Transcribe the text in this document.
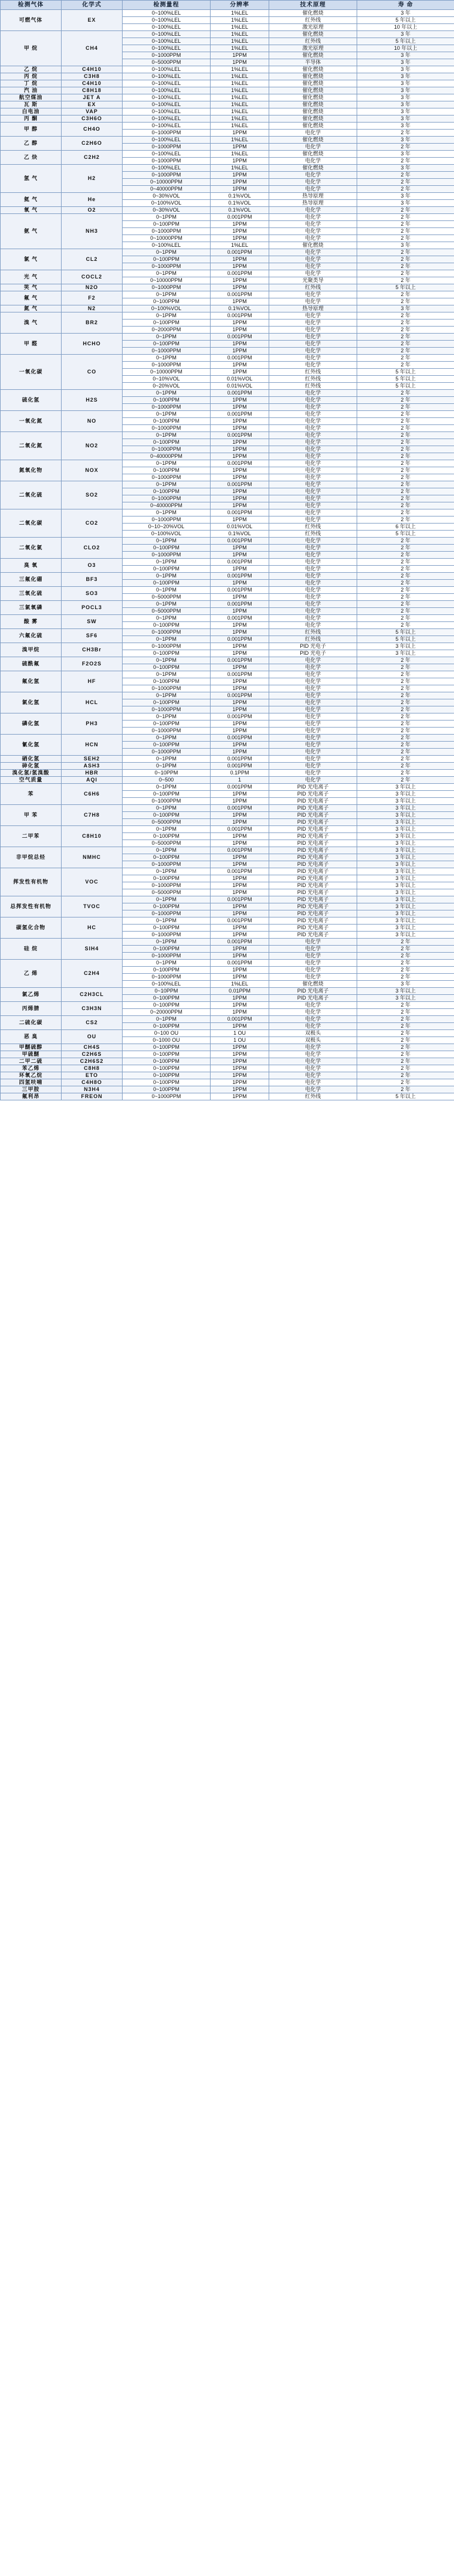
检测气体	化学式	检测量程	分辨率	技术原理	寿 命
可燃气体	EX	0~100%LEL	1%LEL	催化燃烧	3 年
		0~100%LEL	1%LEL	红外线	5 年以上
		0~100%LEL	1%LEL	激光原理	10 年以上
甲 烷	CH4	0~100%LEL	1%LEL	催化燃烧	3 年
		0~100%LEL	1%LEL	红外线	5 年以上
		0~100%LEL	1%LEL	激光原理	10 年以上
		0~1000PPM	1PPM	催化燃烧	3 年
		0~5000PPM	1PPM	半导体	3 年
乙 烷	C4H10	0~100%LEL	1%LEL	催化燃烧	3 年
丙 烷	C3H8	0~100%LEL	1%LEL	催化燃烧	3 年
丁 烷	C4H10	0~100%LEL	1%LEL	催化燃烧	3 年
汽 油	C8H18	0~100%LEL	1%LEL	催化燃烧	3 年
航空煤油	JET A	0~100%LEL	1%LEL	催化燃烧	3 年
瓦 斯	EX	0~100%LEL	1%LEL	催化燃烧	3 年
白电油	VAP	0~100%LEL	1%LEL	催化燃烧	3 年
丙 酮	C3H6O	0~100%LEL	1%LEL	催化燃烧	3 年
甲 醇	CH4O	0~100%LEL	1%LEL	催化燃烧	3 年
		0~1000PPM	1PPM	电化学	2 年
乙 醇	C2H6O	0~100%LEL	1%LEL	催化燃烧	3 年
		0~1000PPM	1PPM	电化学	2 年
乙 炔	C2H2	0~100%LEL	1%LEL	催化燃烧	3 年
		0~1000PPM	1PPM	电化学	2 年
氢 气	H2	0~100%LEL	1%LEL	催化燃烧	3 年
		0~1000PPM	1PPM	电化学	2 年
		0~10000PPM	1PPM	电化学	2 年
		0~40000PPM	1PPM	电化学	2 年
氦 气	He	0~30%VOL	0.1%VOL	热导原理	3 年
		0~100%VOL	0.1%VOL	热导原理	3 年
氧 气	O2	0~30%VOL	0.1%VOL	电化学	2 年
氨 气	NH3	0~1PPM	0.001PPM	电化学	2 年
		0~100PPM	1PPM	电化学	2 年
		0~1000PPM	1PPM	电化学	2 年
		0~10000PPM	1PPM	电化学	2 年
		0~100%LEL	1%LEL	催化燃烧	3 年
氯 气	CL2	0~1PPM	0.001PPM	电化学	2 年
		0~100PPM	1PPM	电化学	2 年
		0~1000PPM	1PPM	电化学	2 年
光 气	COCL2	0~1PPM	0.001PPM	电化学	2 年
		0~10000PPM	1PPM	光聚类导	2 年
笑 气	N2O	0~1000PPM	1PPM	红外线	5 年以上
氟 气	F2	0~1PPM	0.001PPM	电化学	2 年
		0~100PPM	1PPM	电化学	2 年
氮 气	N2	0~100%VOL	0.1%VOL	热导原理	3 年
溴 气	BR2	0~1PPM	0.001PPM	电化学	2 年
		0~100PPM	1PPM	电化学	2 年
		0~2000PPM	1PPM	电化学	2 年
甲 醛	HCHO	0~1PPM	0.001PPM	电化学	2 年
		0~100PPM	1PPM	电化学	2 年
		0~1000PPM	1PPM	电化学	2 年
一氧化碳	CO	0~1PPM	0.001PPM	电化学	2 年
		0~1000PPM	1PPM	电化学	2 年
		0~10000PPM	1PPM	红外线	5 年以上
		0~10%VOL	0.01%VOL	红外线	5 年以上
		0~20%VOL	0.01%VOL	红外线	5 年以上
硫化氢	H2S	0~1PPM	0.001PPM	电化学	2 年
		0~100PPM	1PPM	电化学	2 年
		0~1000PPM	1PPM	电化学	2 年
一氧化氮	NO	0~1PPM	0.001PPM	电化学	2 年
		0~100PPM	1PPM	电化学	2 年
		0~1000PPM	1PPM	电化学	2 年
二氧化氮	NO2	0~1PPM	0.001PPM	电化学	2 年
		0~100PPM	1PPM	电化学	2 年
		0~1000PPM	1PPM	电化学	2 年
		0~40000PPM	1PPM	电化学	2 年
氮氧化物	NOX	0~1PPM	0.001PPM	电化学	2 年
		0~100PPM	1PPM	电化学	2 年
		0~1000PPM	1PPM	电化学	2 年
二氧化硫	SO2	0~1PPM	0.001PPM	电化学	2 年
		0~100PPM	1PPM	电化学	2 年
		0~1000PPM	1PPM	电化学	2 年
		0~40000PPM	1PPM	电化学	2 年
二氧化碳	CO2	0~1PPM	0.001PPM	电化学	2 年
		0~1000PPM	1PPM	电化学	2 年
		0~10~20%VOL	0.01%VOL	红外线	6 年以上
		0~100%VOL	0.1%VOL	红外线	5 年以上
二氧化氯	CLO2	0~1PPM	0.001PPM	电化学	2 年
		0~100PPM	1PPM	电化学	2 年
		0~1000PPM	1PPM	电化学	2 年
臭 氧	O3	0~1PPM	0.001PPM	电化学	2 年
		0~100PPM	1PPM	电化学	2 年
三氟化硼	BF3	0~1PPM	0.001PPM	电化学	2 年
		0~100PPM	1PPM	电化学	2 年
三氧化硫	SO3	0~1PPM	0.001PPM	电化学	2 年
		0~5000PPM	1PPM	电化学	2 年
三氯氧磷	POCL3	0~1PPM	0.001PPM	电化学	2 年
		0~5000PPM	1PPM	电化学	2 年
酸 雾	SW	0~1PPM	0.001PPM	电化学	2 年
		0~100PPM	1PPM	电化学	2 年
六氟化硫	SF6	0~1000PPM	1PPM	红外线	5 年以上
		0~1PPM	0.001PPM	红外线	5 年以上
溴甲烷	CH3Br	0~1000PPM	1PPM	PID 光电子	3 年以上
		0~100PPM	1PPM	PID 光电子	3 年以上
硫酰氟	F2O2S	0~1PPM	0.001PPM	电化学	2 年
		0~100PPM	1PPM	电化学	2 年
氟化氢	HF	0~1PPM	0.001PPM	电化学	2 年
		0~100PPM	1PPM	电化学	2 年
		0~1000PPM	1PPM	电化学	2 年
氯化氢	HCL	0~1PPM	0.001PPM	电化学	2 年
		0~100PPM	1PPM	电化学	2 年
		0~1000PPM	1PPM	电化学	2 年
磷化氢	PH3	0~1PPM	0.001PPM	电化学	2 年
		0~100PPM	1PPM	电化学	2 年
		0~1000PPM	1PPM	电化学	2 年
氰化氢	HCN	0~1PPM	0.001PPM	电化学	2 年
		0~100PPM	1PPM	电化学	2 年
		0~1000PPM	1PPM	电化学	2 年
硒化氢	SEH2	0~1PPM	0.001PPM	电化学	2 年
砷化氢	ASH3	0~1PPM	0.001PPM	电化学	2 年
溴化氢/氢溴酸	HBR	0~10PPM	0.1PPM	电化学	2 年
空气质量	AQI	0~500	1	电化学	2 年
苯	C6H6	0~1PPM	0.001PPM	PID 光电离子	3 年以上
		0~100PPM	1PPM	PID 光电离子	3 年以上
		0~1000PPM	1PPM	PID 光电离子	3 年以上
甲 苯	C7H8	0~1PPM	0.001PPM	PID 光电离子	3 年以上
		0~100PPM	1PPM	PID 光电离子	3 年以上
		0~5000PPM	1PPM	PID 光电离子	3 年以上
二甲苯	C8H10	0~1PPM	0.001PPM	PID 光电离子	3 年以上
		0~100PPM	1PPM	PID 光电离子	3 年以上
		0~5000PPM	1PPM	PID 光电离子	3 年以上
非甲烷总烃	NMHC	0~1PPM	0.001PPM	PID 光电离子	3 年以上
		0~100PPM	1PPM	PID 光电离子	3 年以上
		0~1000PPM	1PPM	PID 光电离子	3 年以上
挥发性有机物	VOC	0~1PPM	0.001PPM	PID 光电离子	3 年以上
		0~100PPM	1PPM	PID 光电离子	3 年以上
		0~1000PPM	1PPM	PID 光电离子	3 年以上
		0~5000PPM	1PPM	PID 光电离子	3 年以上
总挥发性有机物	TVOC	0~1PPM	0.001PPM	PID 光电离子	3 年以上
		0~100PPM	1PPM	PID 光电离子	3 年以上
		0~1000PPM	1PPM	PID 光电离子	3 年以上
碳氢化合物	HC	0~1PPM	0.001PPM	PID 光电离子	3 年以上
		0~100PPM	1PPM	PID 光电离子	3 年以上
		0~1000PPM	1PPM	PID 光电离子	3 年以上
硅 烷	SIH4	0~1PPM	0.001PPM	电化学	2 年
		0~100PPM	1PPM	电化学	2 年
		0~1000PPM	1PPM	电化学	2 年
乙 烯	C2H4	0~1PPM	0.001PPM	电化学	2 年
		0~100PPM	1PPM	电化学	2 年
		0~1000PPM	1PPM	电化学	2 年
		0~100%LEL	1%LEL	催化燃烧	3 年
氯乙烯	C2H3CL	0~10PPM	0.01PPM	PID 光电离子	3 年以上
		0~100PPM	1PPM	PID 光电离子	3 年以上
丙烯腈	C3H3N	0~100PPM	1PPM	电化学	2 年
		0~20000PPM	1PPM	电化学	2 年
二硫化碳	CS2	0~1PPM	0.001PPM	电化学	2 年
		0~100PPM	1PPM	电化学	2 年
恶 臭	OU	0~100 OU	1 OU	双极头	2 年
		0~1000 OU	1 OU	双极头	2 年
甲醚硫醇	CH4S	0~100PPM	1PPM	电化学	2 年
甲硫醚	C2H6S	0~100PPM	1PPM	电化学	2 年
二甲二硫	C2H6S2	0~100PPM	1PPM	电化学	2 年
苯乙烯	C8H8	0~100PPM	1PPM	电化学	2 年
环氧乙烷	ETO	0~100PPM	1PPM	电化学	2 年
四氢呋喃	C4H8O	0~100PPM	1PPM	电化学	2 年
三甲胺	N3H4	0~100PPM	1PPM	电化学	2 年
氟利昂	FREON	0~1000PPM	1PPM	红外线	5 年以上
